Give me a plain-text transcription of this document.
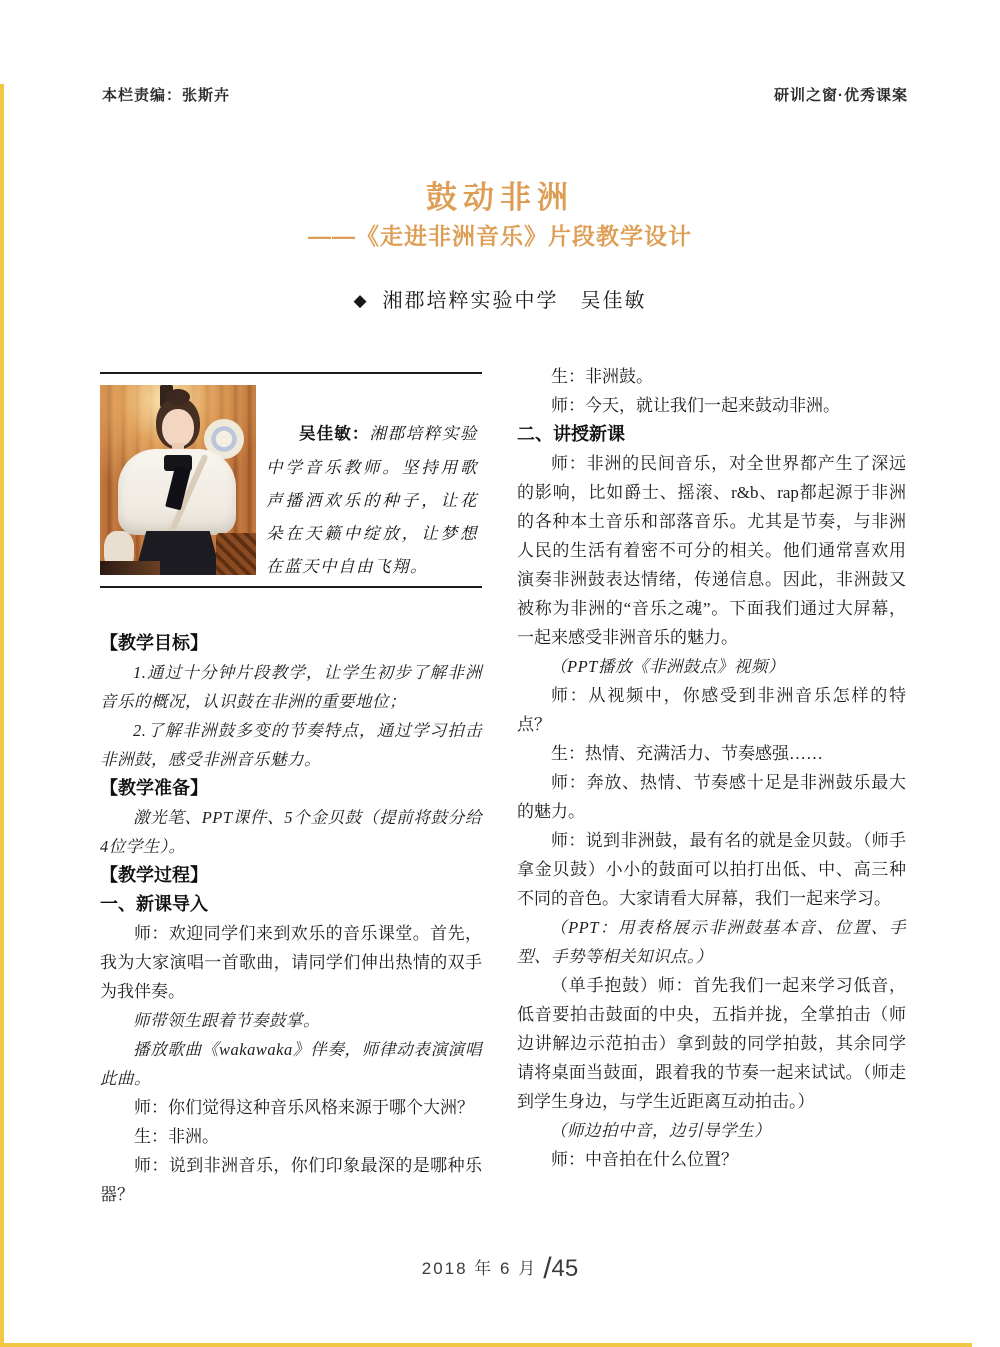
本栏责编：张斯卉	研训之窗·优秀课案
鼓动非洲
——《走进非洲音乐》片段教学设计
◆ 湘郡培粹实验中学　吴佳敏

吴佳敏：湘郡培粹实验中学音乐教师。坚持用歌声播洒欢乐的种子，让花朵在天籁中绽放，让梦想在蓝天中自由飞翔。

【教学目标】

1.通过十分钟片段教学，让学生初步了解非洲音乐的概况，认识鼓在非洲的重要地位；

2.了解非洲鼓多变的节奏特点，通过学习拍击非洲鼓，感受非洲音乐魅力。

【教学准备】

激光笔、PPT课件、5个金贝鼓（提前将鼓分给4位学生）。

【教学过程】

一、新课导入

师：欢迎同学们来到欢乐的音乐课堂。首先，我为大家演唱一首歌曲，请同学们伸出热情的双手为我伴奏。

师带领生跟着节奏鼓掌。

播放歌曲《wakawaka》伴奏，师律动表演演唱此曲。

师：你们觉得这种音乐风格来源于哪个大洲？

生：非洲。

师：说到非洲音乐，你们印象最深的是哪种乐器？

生：非洲鼓。

师：今天，就让我们一起来鼓动非洲。

二、讲授新课

师：非洲的民间音乐，对全世界都产生了深远的影响，比如爵士、摇滚、r&b、rap都起源于非洲的各种本土音乐和部落音乐。尤其是节奏，与非洲人民的生活有着密不可分的相关。他们通常喜欢用演奏非洲鼓表达情绪，传递信息。因此，非洲鼓又被称为非洲的“音乐之魂”。下面我们通过大屏幕，一起来感受非洲音乐的魅力。

（PPT播放《非洲鼓点》视频）

师：从视频中，你感受到非洲音乐怎样的特点？

生：热情、充满活力、节奏感强……

师：奔放、热情、节奏感十足是非洲鼓乐最大的魅力。

师：说到非洲鼓，最有名的就是金贝鼓。（师手拿金贝鼓）小小的鼓面可以拍打出低、中、高三种不同的音色。大家请看大屏幕，我们一起来学习。

（PPT：用表格展示非洲鼓基本音、位置、手型、手势等相关知识点。）

（单手抱鼓）师：首先我们一起来学习低音，低音要拍击鼓面的中央，五指并拢，全掌拍击（师边讲解边示范拍击）拿到鼓的同学拍鼓，其余同学请将桌面当鼓面，跟着我的节奏一起来试试。（师走到学生身边，与学生近距离互动拍击。）

（师边拍中音，边引导学生）

师：中音拍在什么位置？

2018 年 6 月 /45
